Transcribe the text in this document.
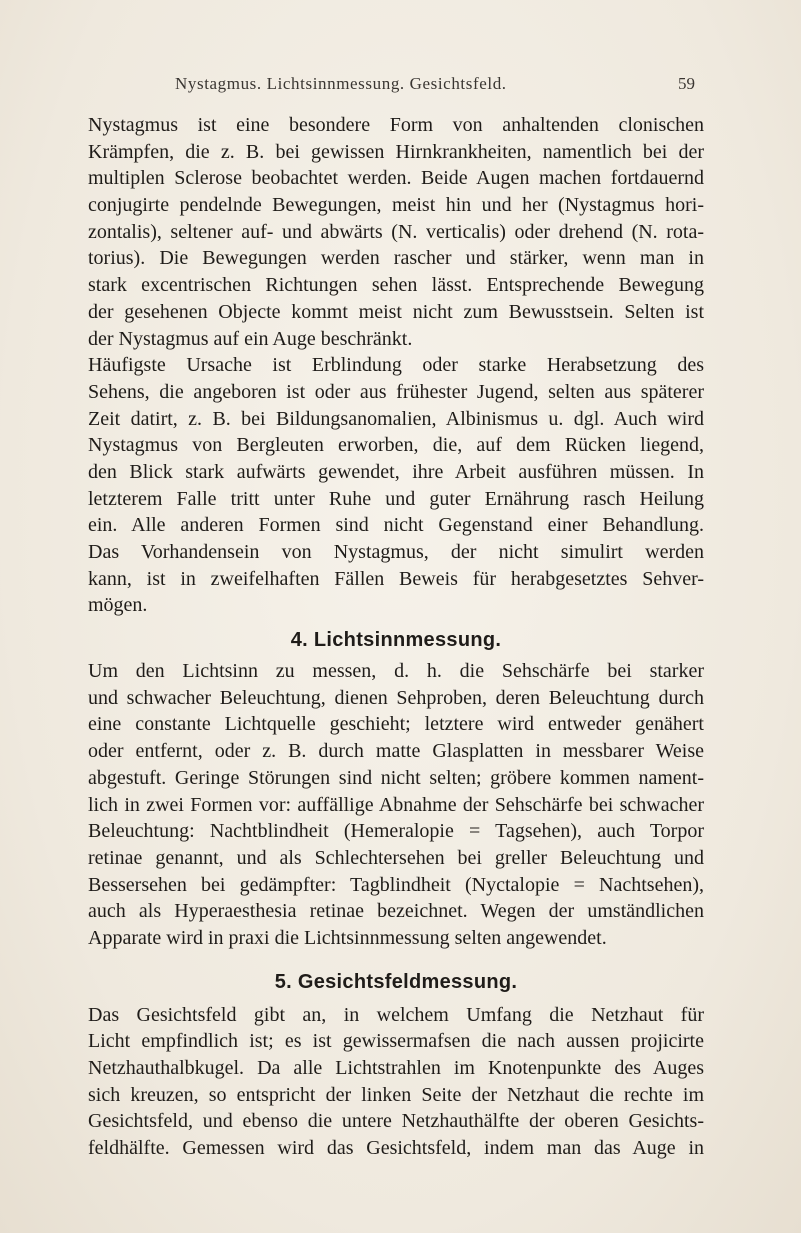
Nystagmus. Lichtsinnmessung. Gesichtsfeld.	59
Nystagmus ist eine besondere Form von anhaltenden clonischen
Krämpfen, die z. B. bei gewissen Hirnkrankheiten, namentlich bei der
multiplen Sclerose beobachtet werden. Beide Augen machen fortdauernd
conjugirte pendelnde Bewegungen, meist hin und her (Nystagmus hori-
zontalis), seltener auf- und abwärts (N. verticalis) oder drehend (N. rota-
torius). Die Bewegungen werden rascher und stärker, wenn man in
stark excentrischen Richtungen sehen lässt. Entsprechende Bewegung
der gesehenen Objecte kommt meist nicht zum Bewusstsein. Selten ist
der Nystagmus auf ein Auge beschränkt.
Häufigste Ursache ist Erblindung oder starke Herabsetzung des
Sehens, die angeboren ist oder aus frühester Jugend, selten aus späterer
Zeit datirt, z. B. bei Bildungsanomalien, Albinismus u. dgl. Auch wird
Nystagmus von Bergleuten erworben, die, auf dem Rücken liegend,
den Blick stark aufwärts gewendet, ihre Arbeit ausführen müssen. In
letzterem Falle tritt unter Ruhe und guter Ernährung rasch Heilung
ein. Alle anderen Formen sind nicht Gegenstand einer Behandlung.
Das Vorhandensein von Nystagmus, der nicht simulirt werden
kann, ist in zweifelhaften Fällen Beweis für herabgesetztes Sehver-
mögen.
4. Lichtsinnmessung.
Um den Lichtsinn zu messen, d. h. die Sehschärfe bei starker
und schwacher Beleuchtung, dienen Sehproben, deren Beleuchtung durch
eine constante Lichtquelle geschieht; letztere wird entweder genähert
oder entfernt, oder z. B. durch matte Glasplatten in messbarer Weise
abgestuft. Geringe Störungen sind nicht selten; gröbere kommen nament-
lich in zwei Formen vor: auffällige Abnahme der Sehschärfe bei schwacher
Beleuchtung: Nachtblindheit (Hemeralopie = Tagsehen), auch Torpor
retinae genannt, und als Schlechtersehen bei greller Beleuchtung und
Bessersehen bei gedämpfter: Tagblindheit (Nyctalopie = Nachtsehen),
auch als Hyperaesthesia retinae bezeichnet. Wegen der umständlichen
Apparate wird in praxi die Lichtsinnmessung selten angewendet.
5. Gesichtsfeldmessung.
Das Gesichtsfeld gibt an, in welchem Umfang die Netzhaut für
Licht empfindlich ist; es ist gewissermafsen die nach aussen projicirte
Netzhauthalbkugel. Da alle Lichtstrahlen im Knotenpunkte des Auges
sich kreuzen, so entspricht der linken Seite der Netzhaut die rechte im
Gesichtsfeld, und ebenso die untere Netzhauthälfte der oberen Gesichts-
feldhälfte. Gemessen wird das Gesichtsfeld, indem man das Auge in
